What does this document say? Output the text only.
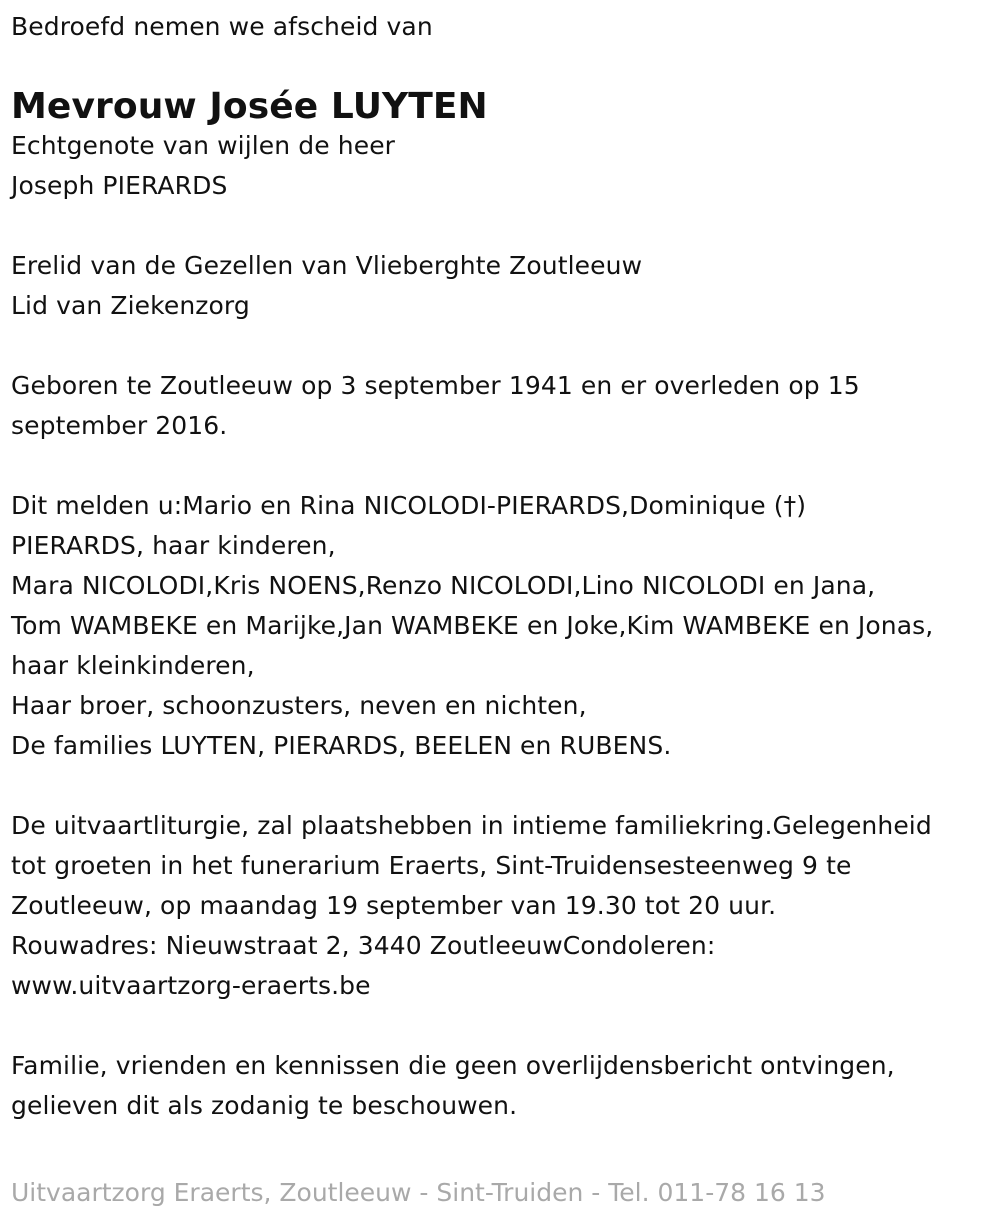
Bedroefd nemen we afscheid van
Mevrouw Josée LUYTEN
Echtgenote van wijlen de heer
Joseph PIERARDS
Erelid van de Gezellen van Vlieberghte Zoutleeuw
Lid van Ziekenzorg
Geboren te Zoutleeuw op 3 september 1941 en er overleden op 15
september 2016.
Dit melden u:Mario en Rina NICOLODI-PIERARDS,Dominique (†)
PIERARDS, haar kinderen,
Mara NICOLODI,Kris NOENS,Renzo NICOLODI,Lino NICOLODI en Jana,
Tom WAMBEKE en Marijke,Jan WAMBEKE en Joke,Kim WAMBEKE en Jonas,
haar kleinkinderen,
Haar broer, schoonzusters, neven en nichten,
De families LUYTEN, PIERARDS, BEELEN en RUBENS.
De uitvaartliturgie, zal plaatshebben in intieme familiekring.Gelegenheid
tot groeten in het funerarium Eraerts, Sint-Truidensesteenweg 9 te
Zoutleeuw, op maandag 19 september van 19.30 tot 20 uur.
Rouwadres: Nieuwstraat 2, 3440 ZoutleeuwCondoleren:
www.uitvaartzorg-eraerts.be
Familie, vrienden en kennissen die geen overlijdensbericht ontvingen,
gelieven dit als zodanig te beschouwen.
Uitvaartzorg Eraerts, Zoutleeuw - Sint-Truiden - Tel. 011-78 16 13
